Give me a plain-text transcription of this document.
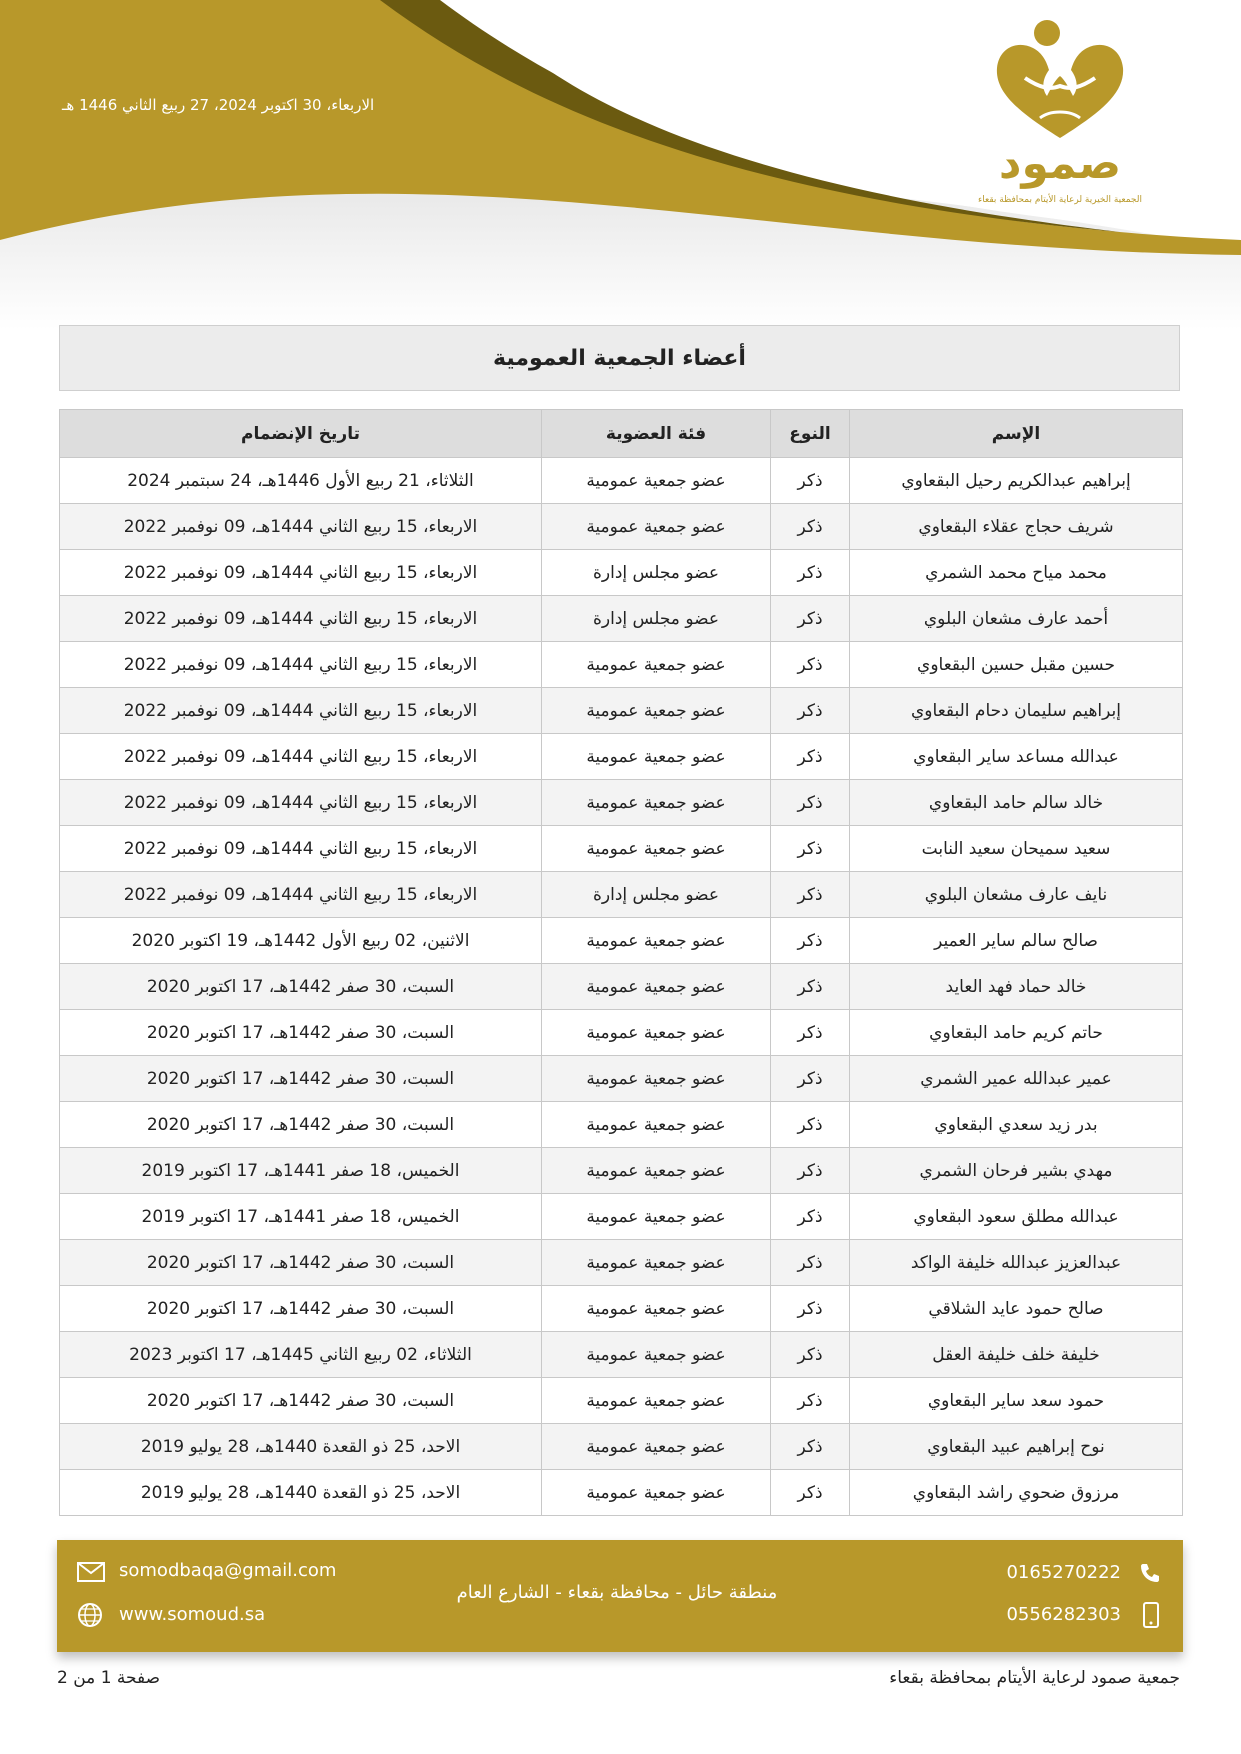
الاربعاء، 30 اكتوبر 2024، 27 ربيع الثاني 1446 هـ
صمود
الجمعية الخيرية لرعاية الأيتام بمحافظة بقعاء
أعضاء الجمعية العمومية
الإسم	النوع	فئة العضوية	تاريخ الإنضمام
إبراهيم عبدالكريم رحيل البقعاوي	ذكر	عضو جمعية عمومية	الثلاثاء، 21 ربيع الأول 1446هـ، 24 سبتمبر 2024
شريف حجاج عقلاء البقعاوي	ذكر	عضو جمعية عمومية	الاربعاء، 15 ربيع الثاني 1444هـ، 09 نوفمبر 2022
محمد مياح محمد الشمري	ذكر	عضو مجلس إدارة	الاربعاء، 15 ربيع الثاني 1444هـ، 09 نوفمبر 2022
أحمد عارف مشعان البلوي	ذكر	عضو مجلس إدارة	الاربعاء، 15 ربيع الثاني 1444هـ، 09 نوفمبر 2022
حسين مقبل حسين البقعاوي	ذكر	عضو جمعية عمومية	الاربعاء، 15 ربيع الثاني 1444هـ، 09 نوفمبر 2022
إبراهيم سليمان دحام البقعاوي	ذكر	عضو جمعية عمومية	الاربعاء، 15 ربيع الثاني 1444هـ، 09 نوفمبر 2022
عبدالله مساعد ساير البقعاوي	ذكر	عضو جمعية عمومية	الاربعاء، 15 ربيع الثاني 1444هـ، 09 نوفمبر 2022
خالد سالم حامد البقعاوي	ذكر	عضو جمعية عمومية	الاربعاء، 15 ربيع الثاني 1444هـ، 09 نوفمبر 2022
سعيد سميحان سعيد النابت	ذكر	عضو جمعية عمومية	الاربعاء، 15 ربيع الثاني 1444هـ، 09 نوفمبر 2022
نايف عارف مشعان البلوي	ذكر	عضو مجلس إدارة	الاربعاء، 15 ربيع الثاني 1444هـ، 09 نوفمبر 2022
صالح سالم ساير العمير	ذكر	عضو جمعية عمومية	الاثنين، 02 ربيع الأول 1442هـ، 19 اكتوبر 2020
خالد حماد فهد العايد	ذكر	عضو جمعية عمومية	السبت، 30 صفر 1442هـ، 17 اكتوبر 2020
حاتم كريم حامد البقعاوي	ذكر	عضو جمعية عمومية	السبت، 30 صفر 1442هـ، 17 اكتوبر 2020
عمير عبدالله عمير الشمري	ذكر	عضو جمعية عمومية	السبت، 30 صفر 1442هـ، 17 اكتوبر 2020
بدر زيد سعدي البقعاوي	ذكر	عضو جمعية عمومية	السبت، 30 صفر 1442هـ، 17 اكتوبر 2020
مهدي بشير فرحان الشمري	ذكر	عضو جمعية عمومية	الخميس، 18 صفر 1441هـ، 17 اكتوبر 2019
عبدالله مطلق سعود البقعاوي	ذكر	عضو جمعية عمومية	الخميس، 18 صفر 1441هـ، 17 اكتوبر 2019
عبدالعزيز عبدالله خليفة الواكد	ذكر	عضو جمعية عمومية	السبت، 30 صفر 1442هـ، 17 اكتوبر 2020
صالح حمود عايد الشلاقي	ذكر	عضو جمعية عمومية	السبت، 30 صفر 1442هـ، 17 اكتوبر 2020
خليفة خلف خليفة العقل	ذكر	عضو جمعية عمومية	الثلاثاء، 02 ربيع الثاني 1445هـ، 17 اكتوبر 2023
حمود سعد ساير البقعاوي	ذكر	عضو جمعية عمومية	السبت، 30 صفر 1442هـ، 17 اكتوبر 2020
نوح إبراهيم عبيد البقعاوي	ذكر	عضو جمعية عمومية	الاحد، 25 ذو القعدة 1440هـ، 28 يوليو 2019
مرزوق ضحوي راشد البقعاوي	ذكر	عضو جمعية عمومية	الاحد، 25 ذو القعدة 1440هـ، 28 يوليو 2019
somodbaqa@gmail.com
www.somoud.sa
منطقة حائل - محافظة بقعاء - الشارع العام
0165270222
0556282303
جمعية صمود لرعاية الأيتام بمحافظة بقعاء
صفحة 1 من 2
